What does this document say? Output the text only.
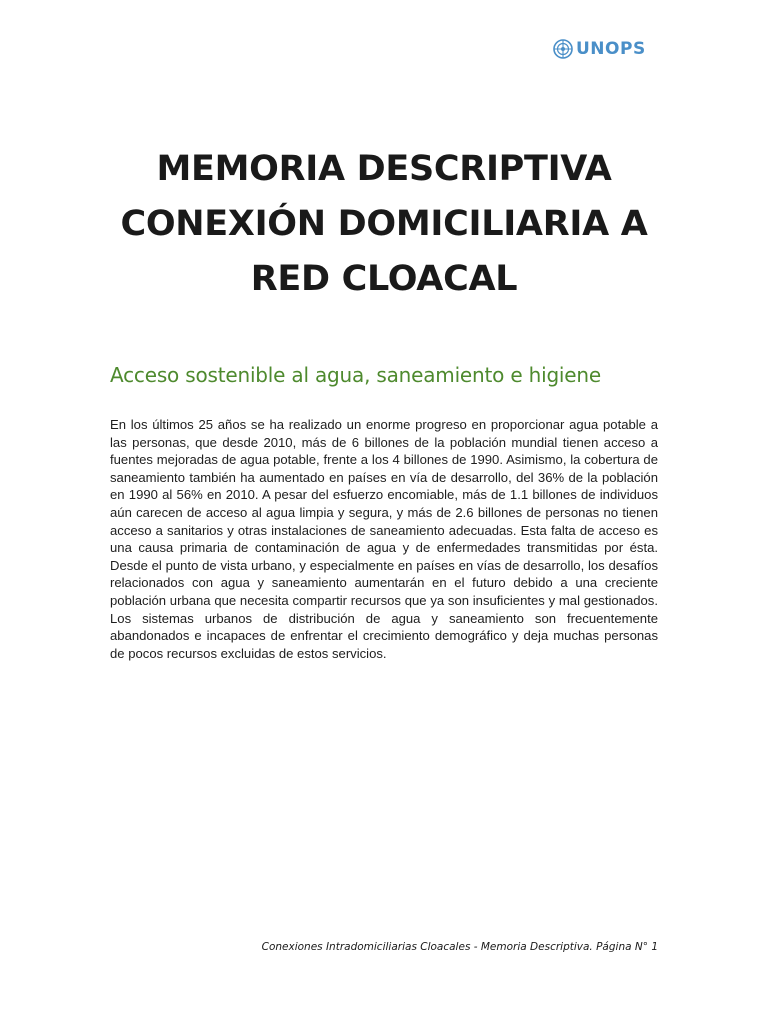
UNOPS
MEMORIA DESCRIPTIVA
CONEXIÓN DOMICILIARIA A
RED CLOACAL
Acceso sostenible al agua, saneamiento e higiene

En los últimos 25 años se ha realizado un enorme progreso en proporcionar agua potable a las personas, que desde 2010, más de 6 billones de la población mundial tienen acceso a fuentes mejoradas de agua potable, frente a los 4 billones de 1990. Asimismo, la cobertura de saneamiento también ha aumentado en países en vía de desarrollo, del 36% de la población en 1990 al 56% en 2010. A pesar del esfuerzo encomiable, más de 1.1 billones de individuos aún carecen de acceso al agua limpia y segura, y más de 2.6 billones de personas no tienen acceso a sanitarios y otras instalaciones de saneamiento adecuadas. Esta falta de acceso es una causa primaria de contaminación de agua y de enfermedades transmitidas por ésta. Desde el punto de vista urbano, y especialmente en países en vías de desarrollo, los desafíos relacionados con agua y saneamiento aumentarán en el futuro debido a una creciente población urbana que necesita compartir recursos que ya son insuficientes y mal gestionados. Los sistemas urbanos de distribución de agua y saneamiento son frecuentemente abandonados e incapaces de enfrentar el crecimiento demográfico y deja muchas personas de pocos recursos excluidas de estos servicios.

Conexiones Intradomiciliarias Cloacales - Memoria Descriptiva. Página N° 1
